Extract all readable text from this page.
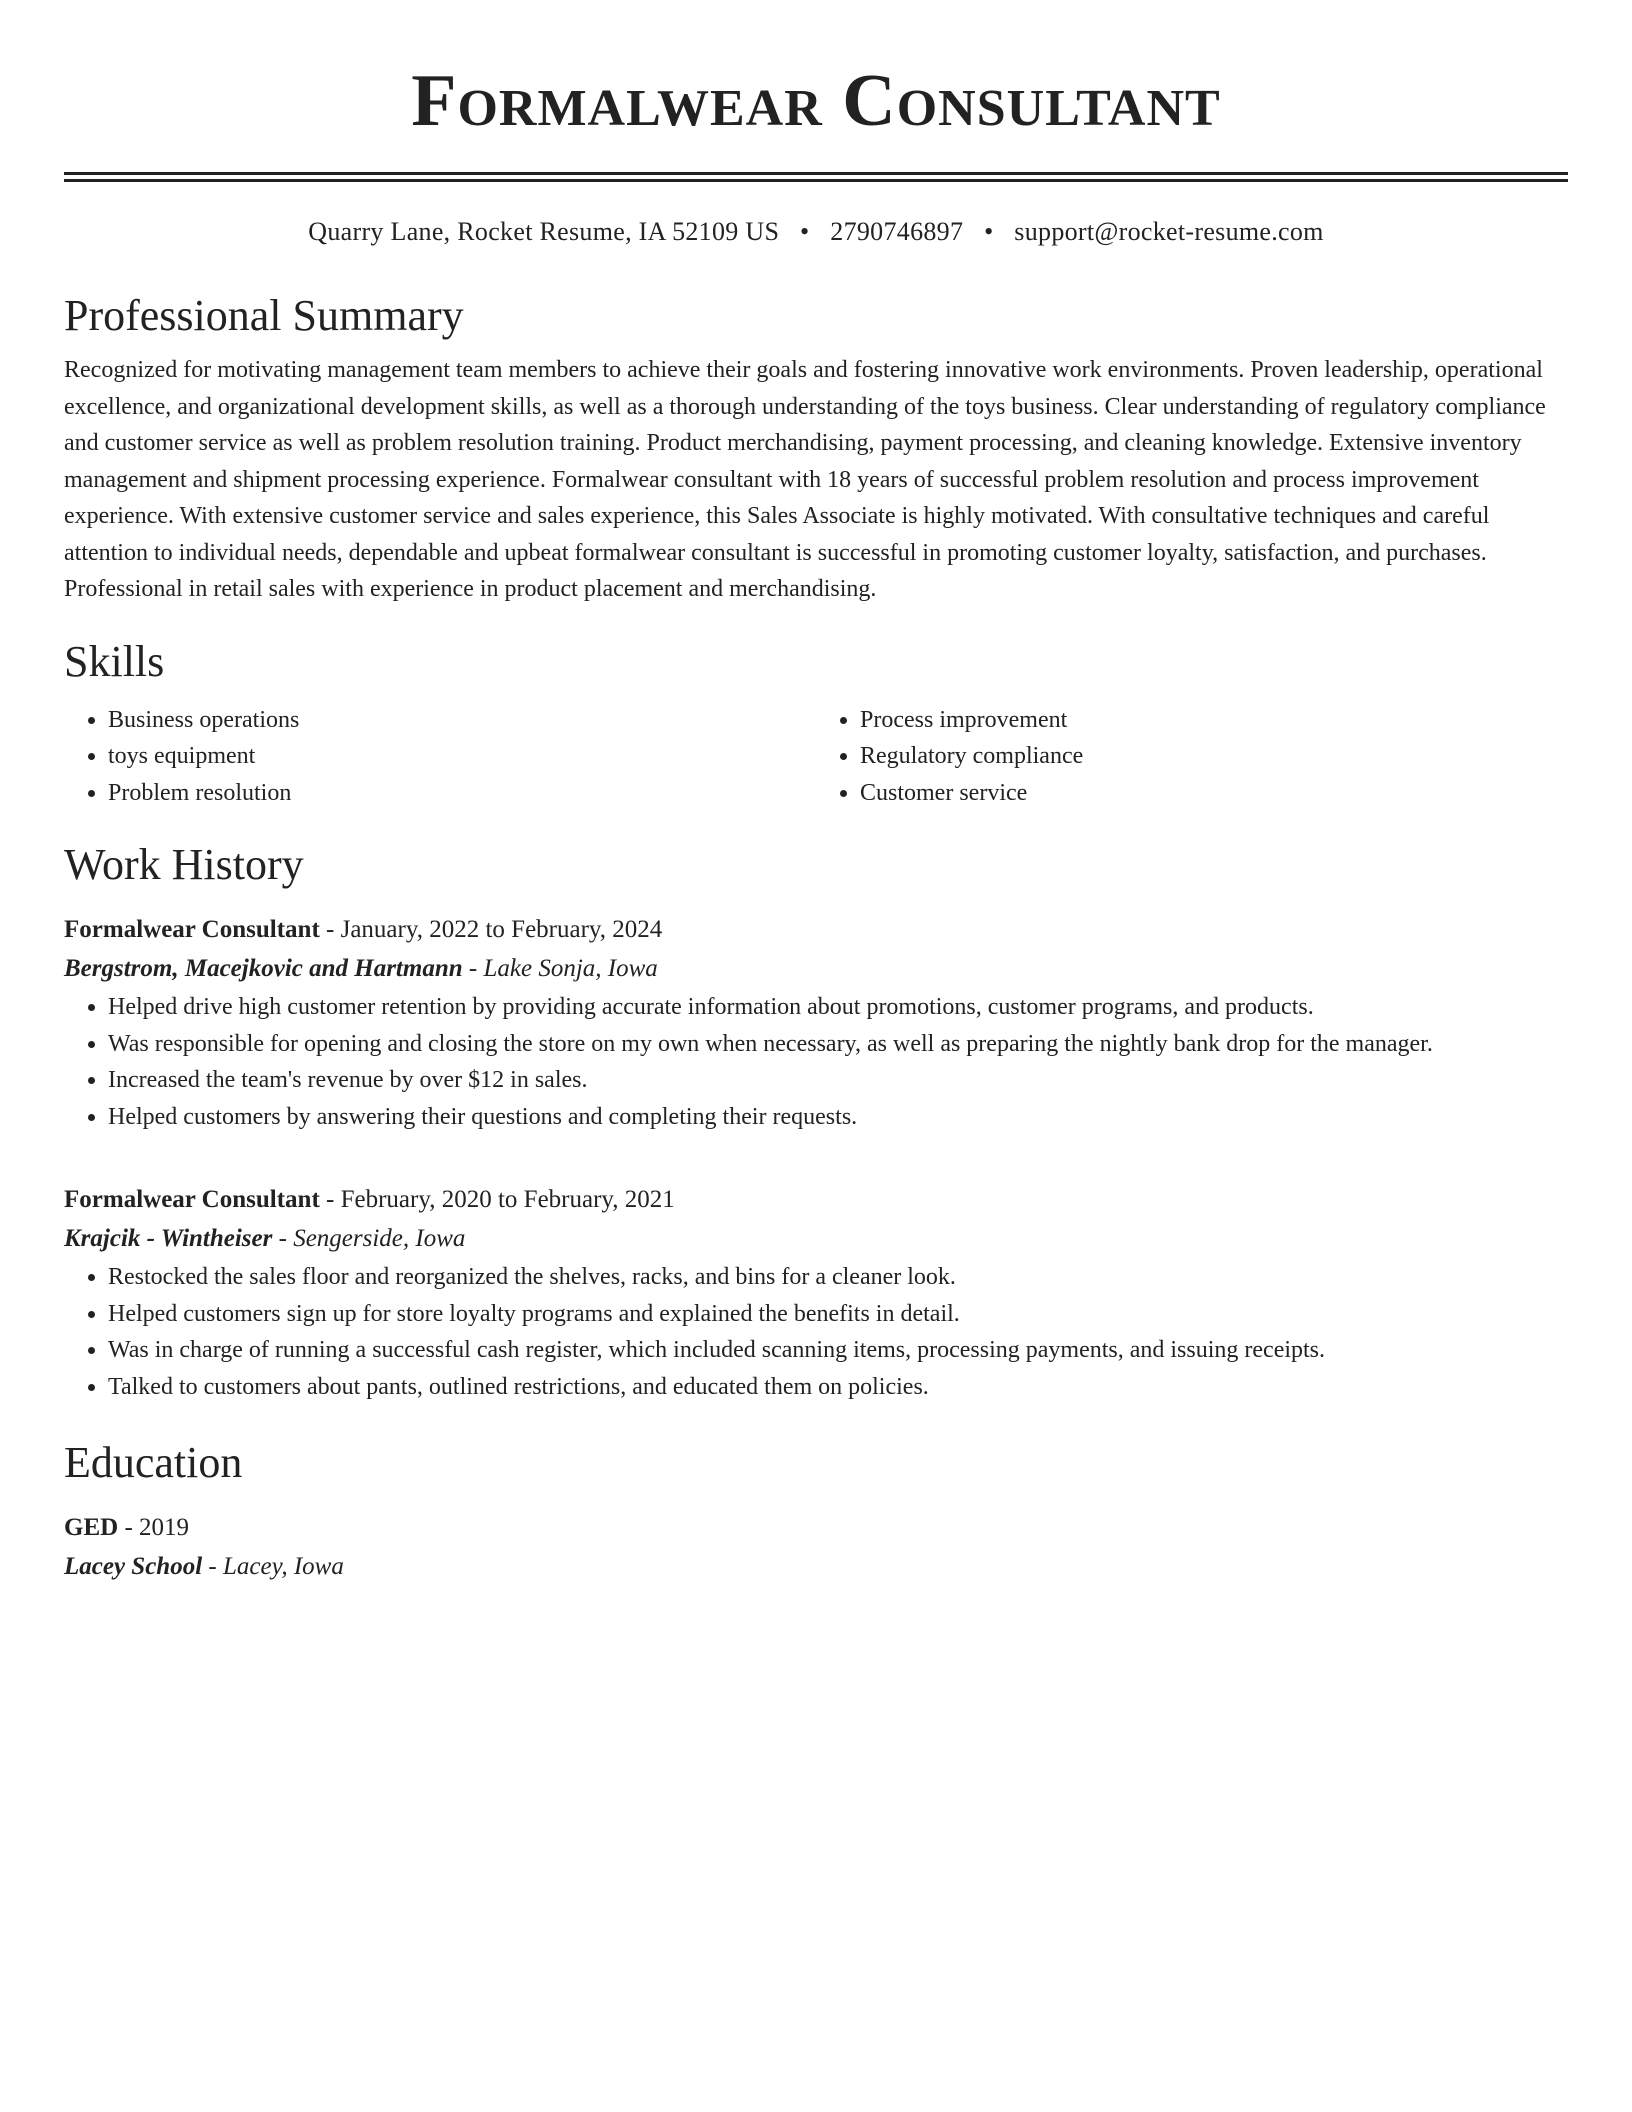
Formalwear Consultant
Quarry Lane, Rocket Resume, IA 52109 US • 2790746897 • support@rocket-resume.com
Professional Summary

Recognized for motivating management team members to achieve their goals and fostering innovative work environments. Proven leadership, operational excellence, and organizational development skills, as well as a thorough understanding of the toys business. Clear understanding of regulatory compliance and customer service as well as problem resolution training. Product merchandising, payment processing, and cleaning knowledge. Extensive inventory management and shipment processing experience. Formalwear consultant with 18 years of successful problem resolution and process improvement experience. With extensive customer service and sales experience, this Sales Associate is highly motivated. With consultative techniques and careful attention to individual needs, dependable and upbeat formalwear consultant is successful in promoting customer loyalty, satisfaction, and purchases. Professional in retail sales with experience in product placement and merchandising.

Skills
• Business operations
• toys equipment
• Problem resolution
• Process improvement
• Regulatory compliance
• Customer service
Work History
Formalwear Consultant - January, 2022 to February, 2024
Bergstrom, Macejkovic and Hartmann - Lake Sonja, Iowa
• Helped drive high customer retention by providing accurate information about promotions, customer programs, and products.
• Was responsible for opening and closing the store on my own when necessary, as well as preparing the nightly bank drop for the manager.
• Increased the team's revenue by over $12 in sales.
• Helped customers by answering their questions and completing their requests.
Formalwear Consultant - February, 2020 to February, 2021
Krajcik - Wintheiser - Sengerside, Iowa
• Restocked the sales floor and reorganized the shelves, racks, and bins for a cleaner look.
• Helped customers sign up for store loyalty programs and explained the benefits in detail.
• Was in charge of running a successful cash register, which included scanning items, processing payments, and issuing receipts.
• Talked to customers about pants, outlined restrictions, and educated them on policies.
Education
GED - 2019
Lacey School - Lacey, Iowa
